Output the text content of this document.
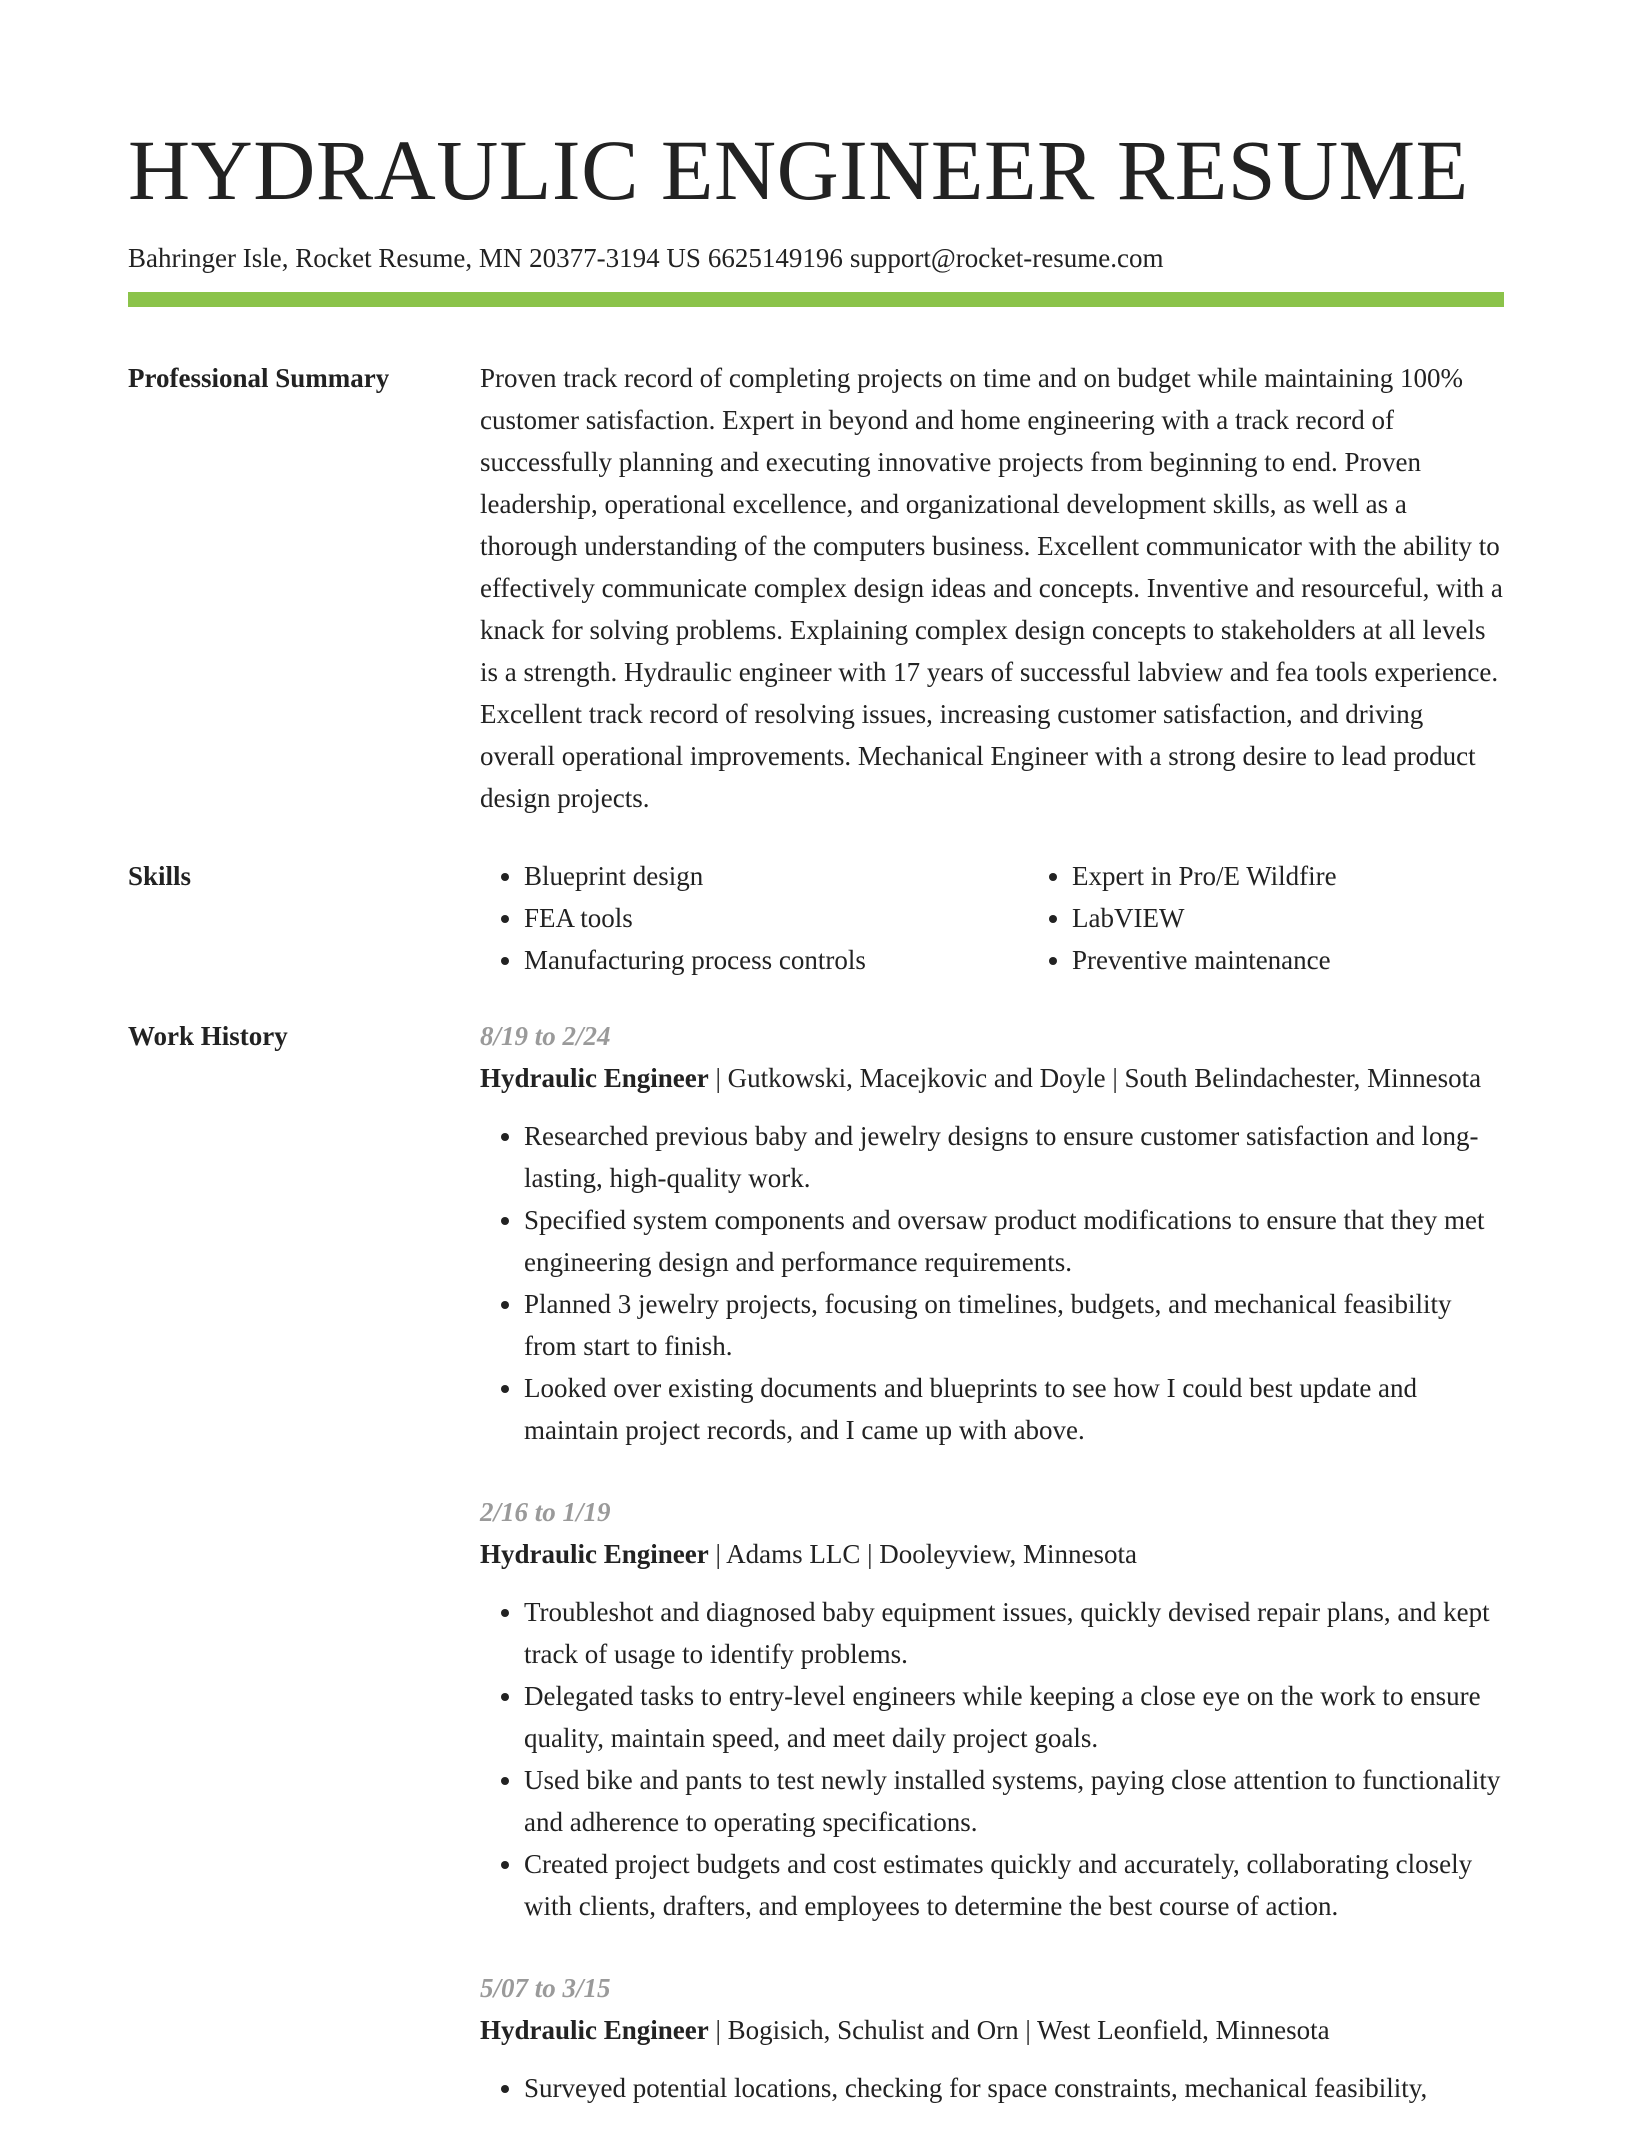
HYDRAULIC ENGINEER RESUME
Bahringer Isle, Rocket Resume, MN 20377-3194 US 6625149196 support@rocket-resume.com
Professional Summary	Proven track record of completing projects on time and on budget while maintaining 100% customer satisfaction. Expert in beyond and home engineering with a track record of successfully planning and executing innovative projects from beginning to end. Proven leadership, operational excellence, and organizational development skills, as well as a thorough understanding of the computers business. Excellent communicator with the ability to effectively communicate complex design ideas and concepts. Inventive and resourceful, with a knack for solving problems. Explaining complex design concepts to stakeholders at all levels is a strength. Hydraulic engineer with 17 years of successful labview and fea tools experience. Excellent track record of resolving issues, increasing customer satisfaction, and driving overall operational improvements. Mechanical Engineer with a strong desire to lead product design projects.

Skills
•	Blueprint design
• FEA tools
• Manufacturing process controls
• Expert in Pro/E Wildfire
• LabVIEW
• Preventive maintenance
Work History	8/19 to 2/24
Hydraulic Engineer | Gutkowski, Macejkovic and Doyle | South Belindachester, Minnesota
• Researched previous baby and jewelry designs to ensure customer satisfaction and long-lasting, high-quality work.
• Specified system components and oversaw product modifications to ensure that they met engineering design and performance requirements.
• Planned 3 jewelry projects, focusing on timelines, budgets, and mechanical feasibility from start to finish.
• Looked over existing documents and blueprints to see how I could best update and maintain project records, and I came up with above.
2/16 to 1/19
Hydraulic Engineer | Adams LLC | Dooleyview, Minnesota
• Troubleshot and diagnosed baby equipment issues, quickly devised repair plans, and kept track of usage to identify problems.
• Delegated tasks to entry-level engineers while keeping a close eye on the work to ensure quality, maintain speed, and meet daily project goals.
• Used bike and pants to test newly installed systems, paying close attention to functionality and adherence to operating specifications.
• Created project budgets and cost estimates quickly and accurately, collaborating closely with clients, drafters, and employees to determine the best course of action.
5/07 to 3/15
Hydraulic Engineer | Bogisich, Schulist and Orn | West Leonfield, Minnesota
• Surveyed potential locations, checking for space constraints, mechanical feasibility,
